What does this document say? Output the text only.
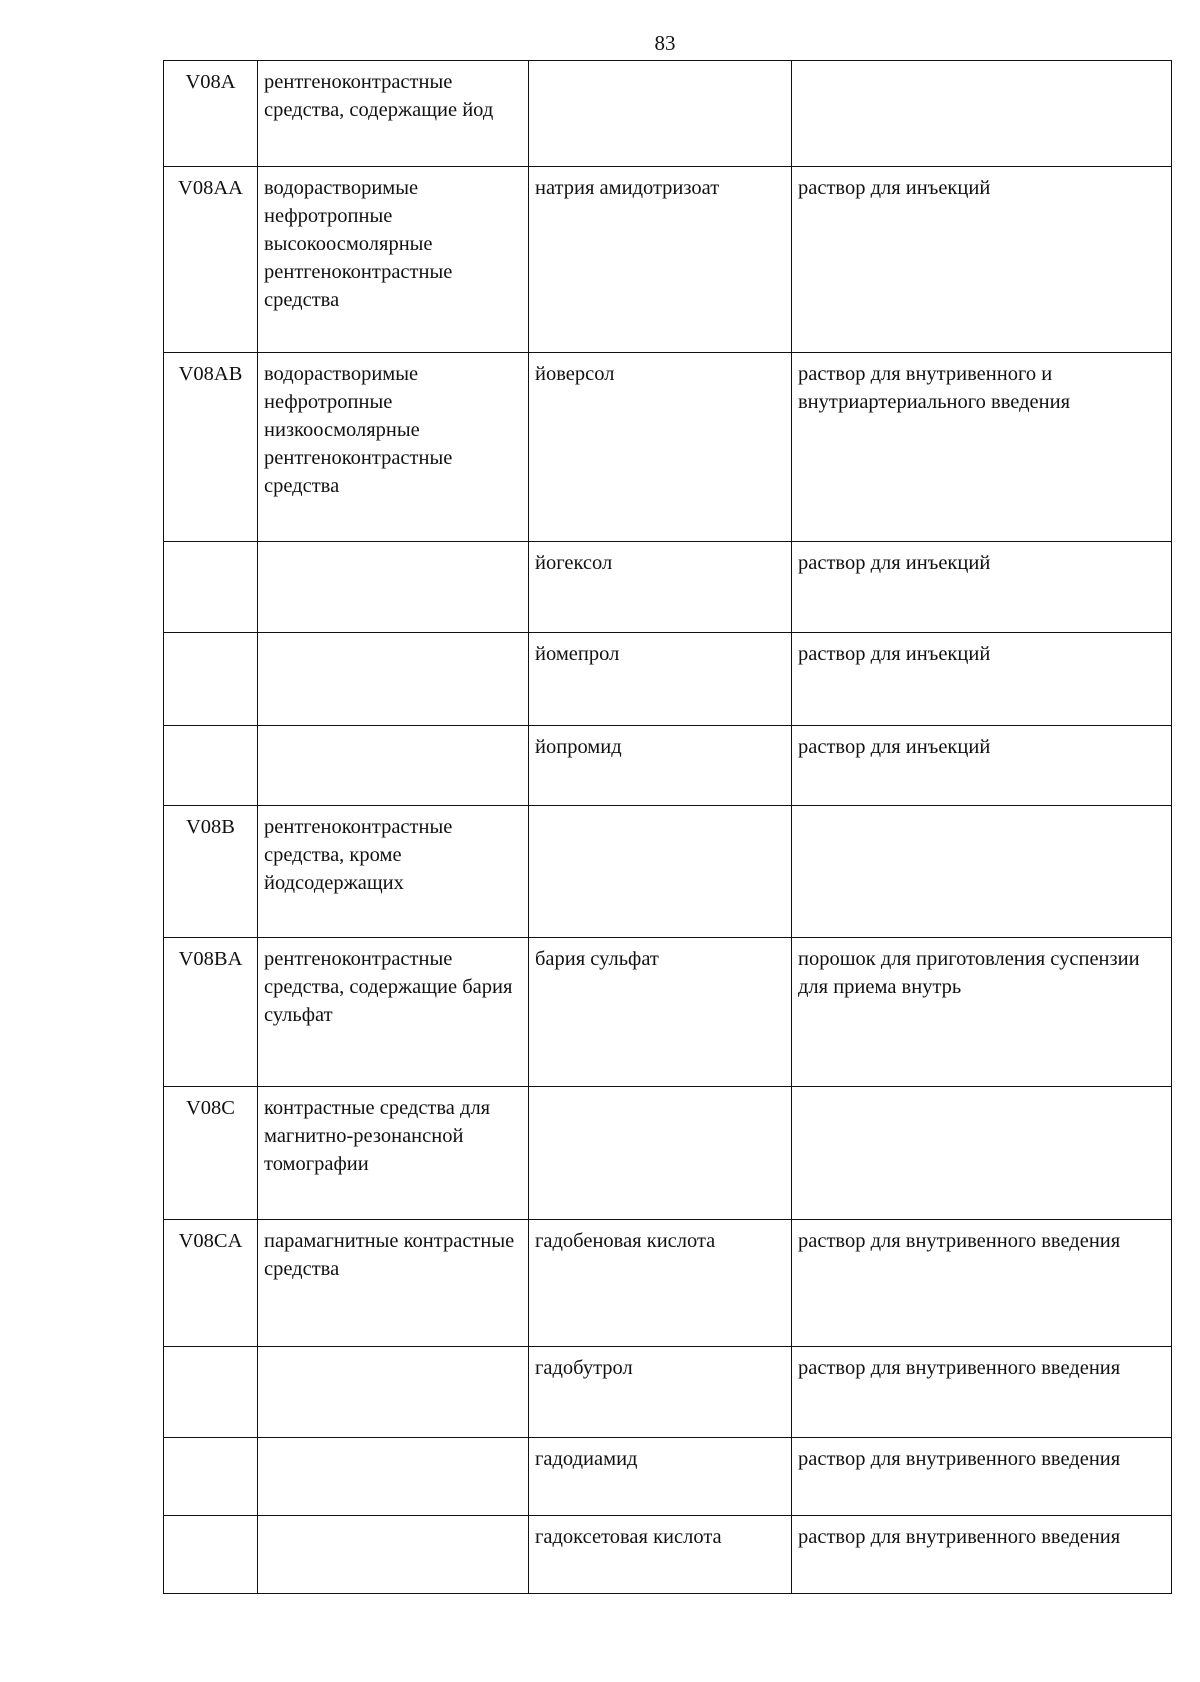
83
V08A	рентгеноконтрастные средства, содержащие йод		
V08AA	водорастворимые нефротропные высокоосмолярные рентгеноконтрастные средства	натрия амидотризоат	раствор для инъекций
V08AB	водорастворимые нефротропные низкоосмолярные рентгеноконтрастные средства	йоверсол	раствор для внутривенного и внутриартериального введения
		йогексол	раствор для инъекций
		йомепрол	раствор для инъекций
		йопромид	раствор для инъекций
V08B	рентгеноконтрастные средства, кроме йодсодержащих		
V08BA	рентгеноконтрастные средства, содержащие бария сульфат	бария сульфат	порошок для приготовления суспензии для приема внутрь
V08C	контрастные средства для магнитно-резонансной томографии		
V08CA	парамагнитные контрастные средства	гадобеновая кислота	раствор для внутривенного введения
		гадобутрол	раствор для внутривенного введения
		гадодиамид	раствор для внутривенного введения
		гадоксетовая кислота	раствор для внутривенного введения
